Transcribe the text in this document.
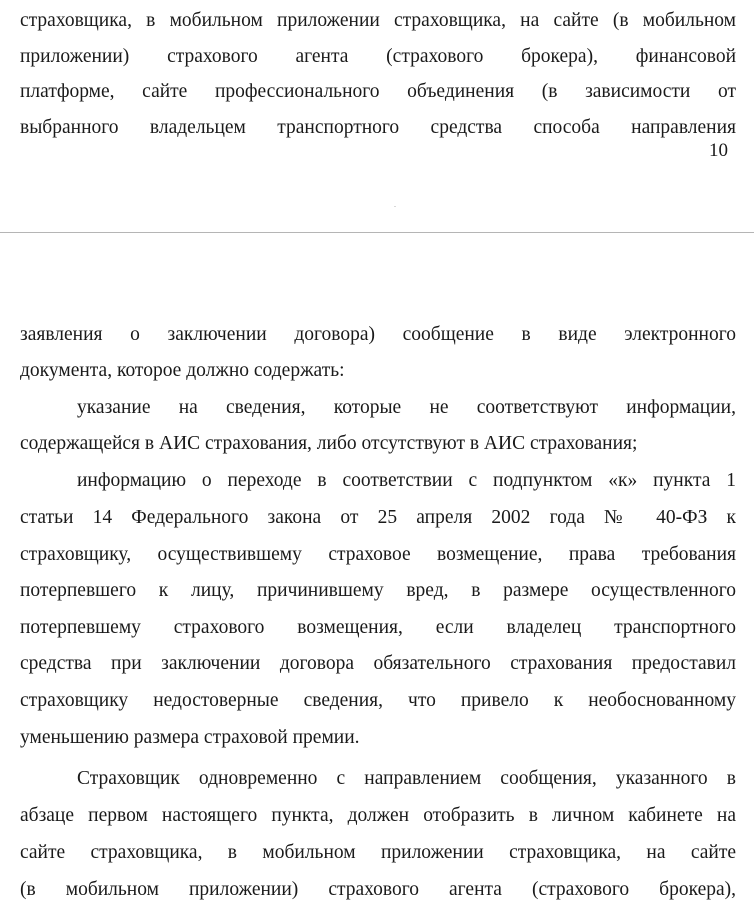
страховщика, в мобильном приложении страховщика, на сайте (в мобильном
приложении) страхового агента (страхового брокера), финансовой
платформе, сайте профессионального объединения (в зависимости от
выбранного владельцем транспортного средства способа направления
10
заявления о заключении договора) сообщение в виде электронного
документа, которое должно содержать:
указание на сведения, которые не соответствуют информации,
содержащейся в АИС страхования, либо отсутствуют в АИС страхования;
информацию о переходе в соответствии с подпунктом «к» пункта 1
статьи 14 Федерального закона от 25 апреля 2002 года № 40-ФЗ к
страховщику, осуществившему страховое возмещение, права требования
потерпевшего к лицу, причинившему вред, в размере осуществленного
потерпевшему страхового возмещения, если владелец транспортного
средства при заключении договора обязательного страхования предоставил
страховщику недостоверные сведения, что привело к необоснованному
уменьшению размера страховой премии.
Страховщик одновременно с направлением сообщения, указанного в
абзаце первом настоящего пункта, должен отобразить в личном кабинете на
сайте страховщика, в мобильном приложении страховщика, на сайте
(в мобильном приложении) страхового агента (страхового брокера),
